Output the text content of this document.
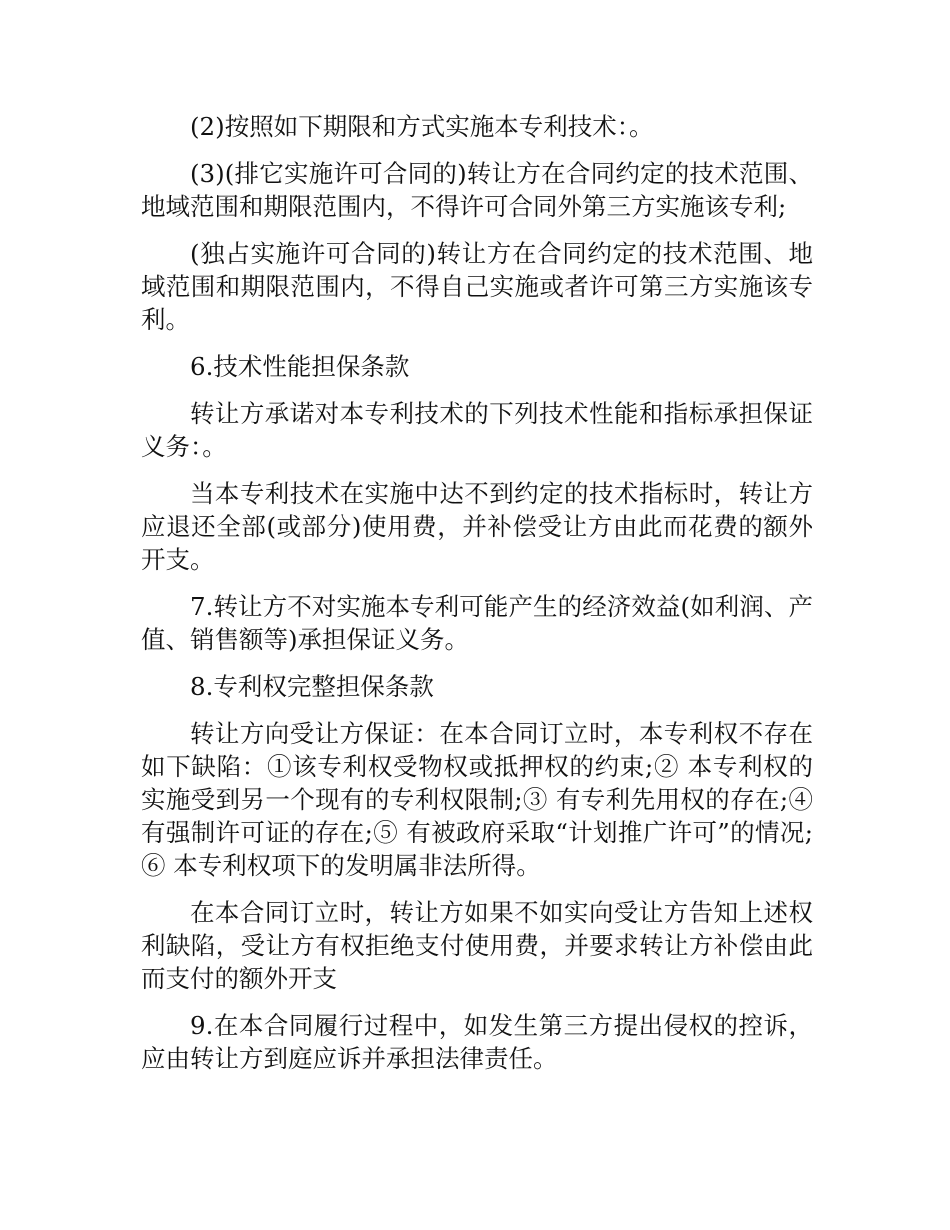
(2)按照如下期限和方式实施本专利技术：。

(3)(排它实施许可合同的)转让方在合同约定的技术范围、地域范围和期限范围内，不得许可合同外第三方实施该专利;

(独占实施许可合同的)转让方在合同约定的技术范围、地域范围和期限范围内，不得自己实施或者许可第三方实施该专利。

6.技术性能担保条款

转让方承诺对本专利技术的下列技术性能和指标承担保证义务：。

当本专利技术在实施中达不到约定的技术指标时，转让方应退还全部(或部分)使用费，并补偿受让方由此而花费的额外开支。

7.转让方不对实施本专利可能产生的经济效益(如利润、产值、销售额等)承担保证义务。

8.专利权完整担保条款

转让方向受让方保证：在本合同订立时，本专利权不存在如下缺陷：①该专利权受物权或抵押权的约束;② 本专利权的实施受到另一个现有的专利权限制;③ 有专利先用权的存在;④ 有强制许可证的存在;⑤ 有被政府采取“计划推广许可”的情况;⑥ 本专利权项下的发明属非法所得。

在本合同订立时，转让方如果不如实向受让方告知上述权利缺陷，受让方有权拒绝支付使用费，并要求转让方补偿由此而支付的额外开支

9.在本合同履行过程中，如发生第三方提出侵权的控诉，应由转让方到庭应诉并承担法律责任。
